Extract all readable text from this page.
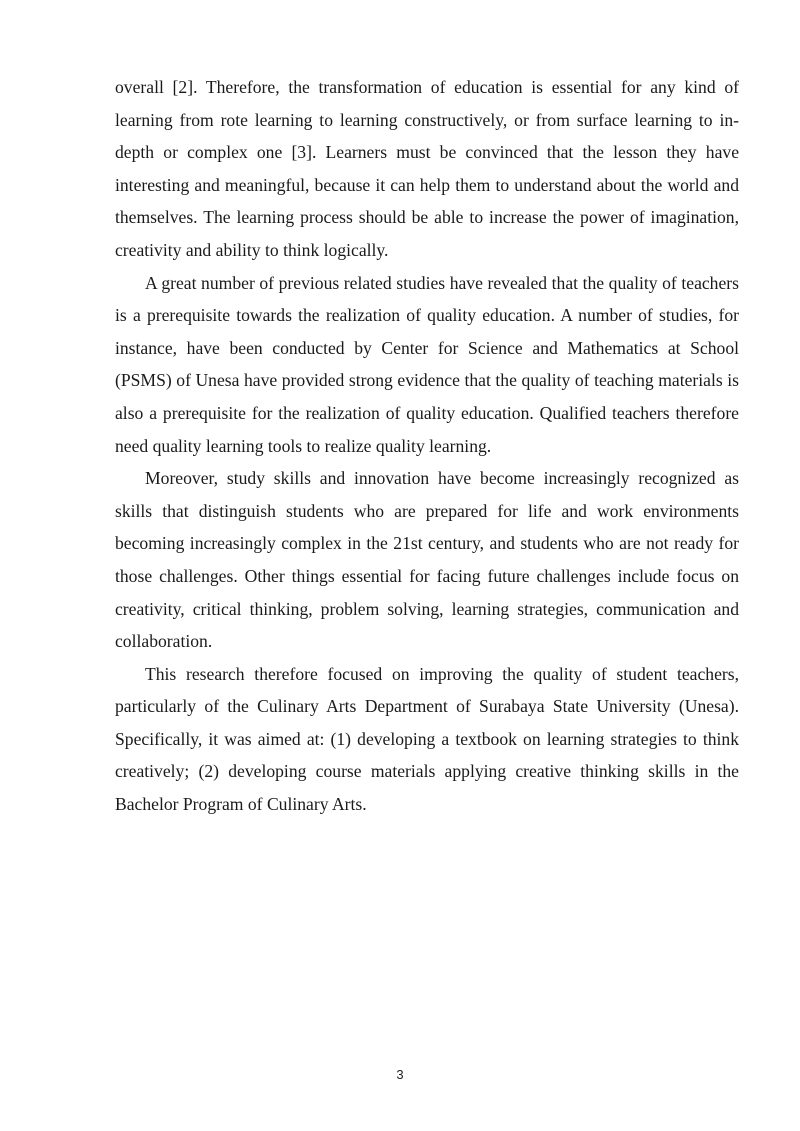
overall [2]. Therefore, the transformation of education is essential for any kind of learning from rote learning to learning constructively, or from surface learning to in-depth or complex one [3]. Learners must be convinced that the lesson they have interesting and meaningful, because it can help them to understand about the world and themselves. The learning process should be able to increase the power of imagination, creativity and ability to think logically.

A great number of previous related studies have revealed that the quality of teachers is a prerequisite towards the realization of quality education. A number of studies, for instance, have been conducted by Center for Science and Mathematics at School (PSMS) of Unesa have provided strong evidence that the quality of teaching materials is also a prerequisite for the realization of quality education. Qualified teachers therefore need quality learning tools to realize quality learning.

Moreover, study skills and innovation have become increasingly recognized as skills that distinguish students who are prepared for life and work environments becoming increasingly complex in the 21st century, and students who are not ready for those challenges. Other things essential for facing future challenges include focus on creativity, critical thinking, problem solving, learning strategies, communication and collaboration.

This research therefore focused on improving the quality of student teachers, particularly of the Culinary Arts Department of Surabaya State University (Unesa). Specifically, it was aimed at: (1) developing a textbook on learning strategies to think creatively; (2) developing course materials applying creative thinking skills in the Bachelor Program of Culinary Arts.

3
